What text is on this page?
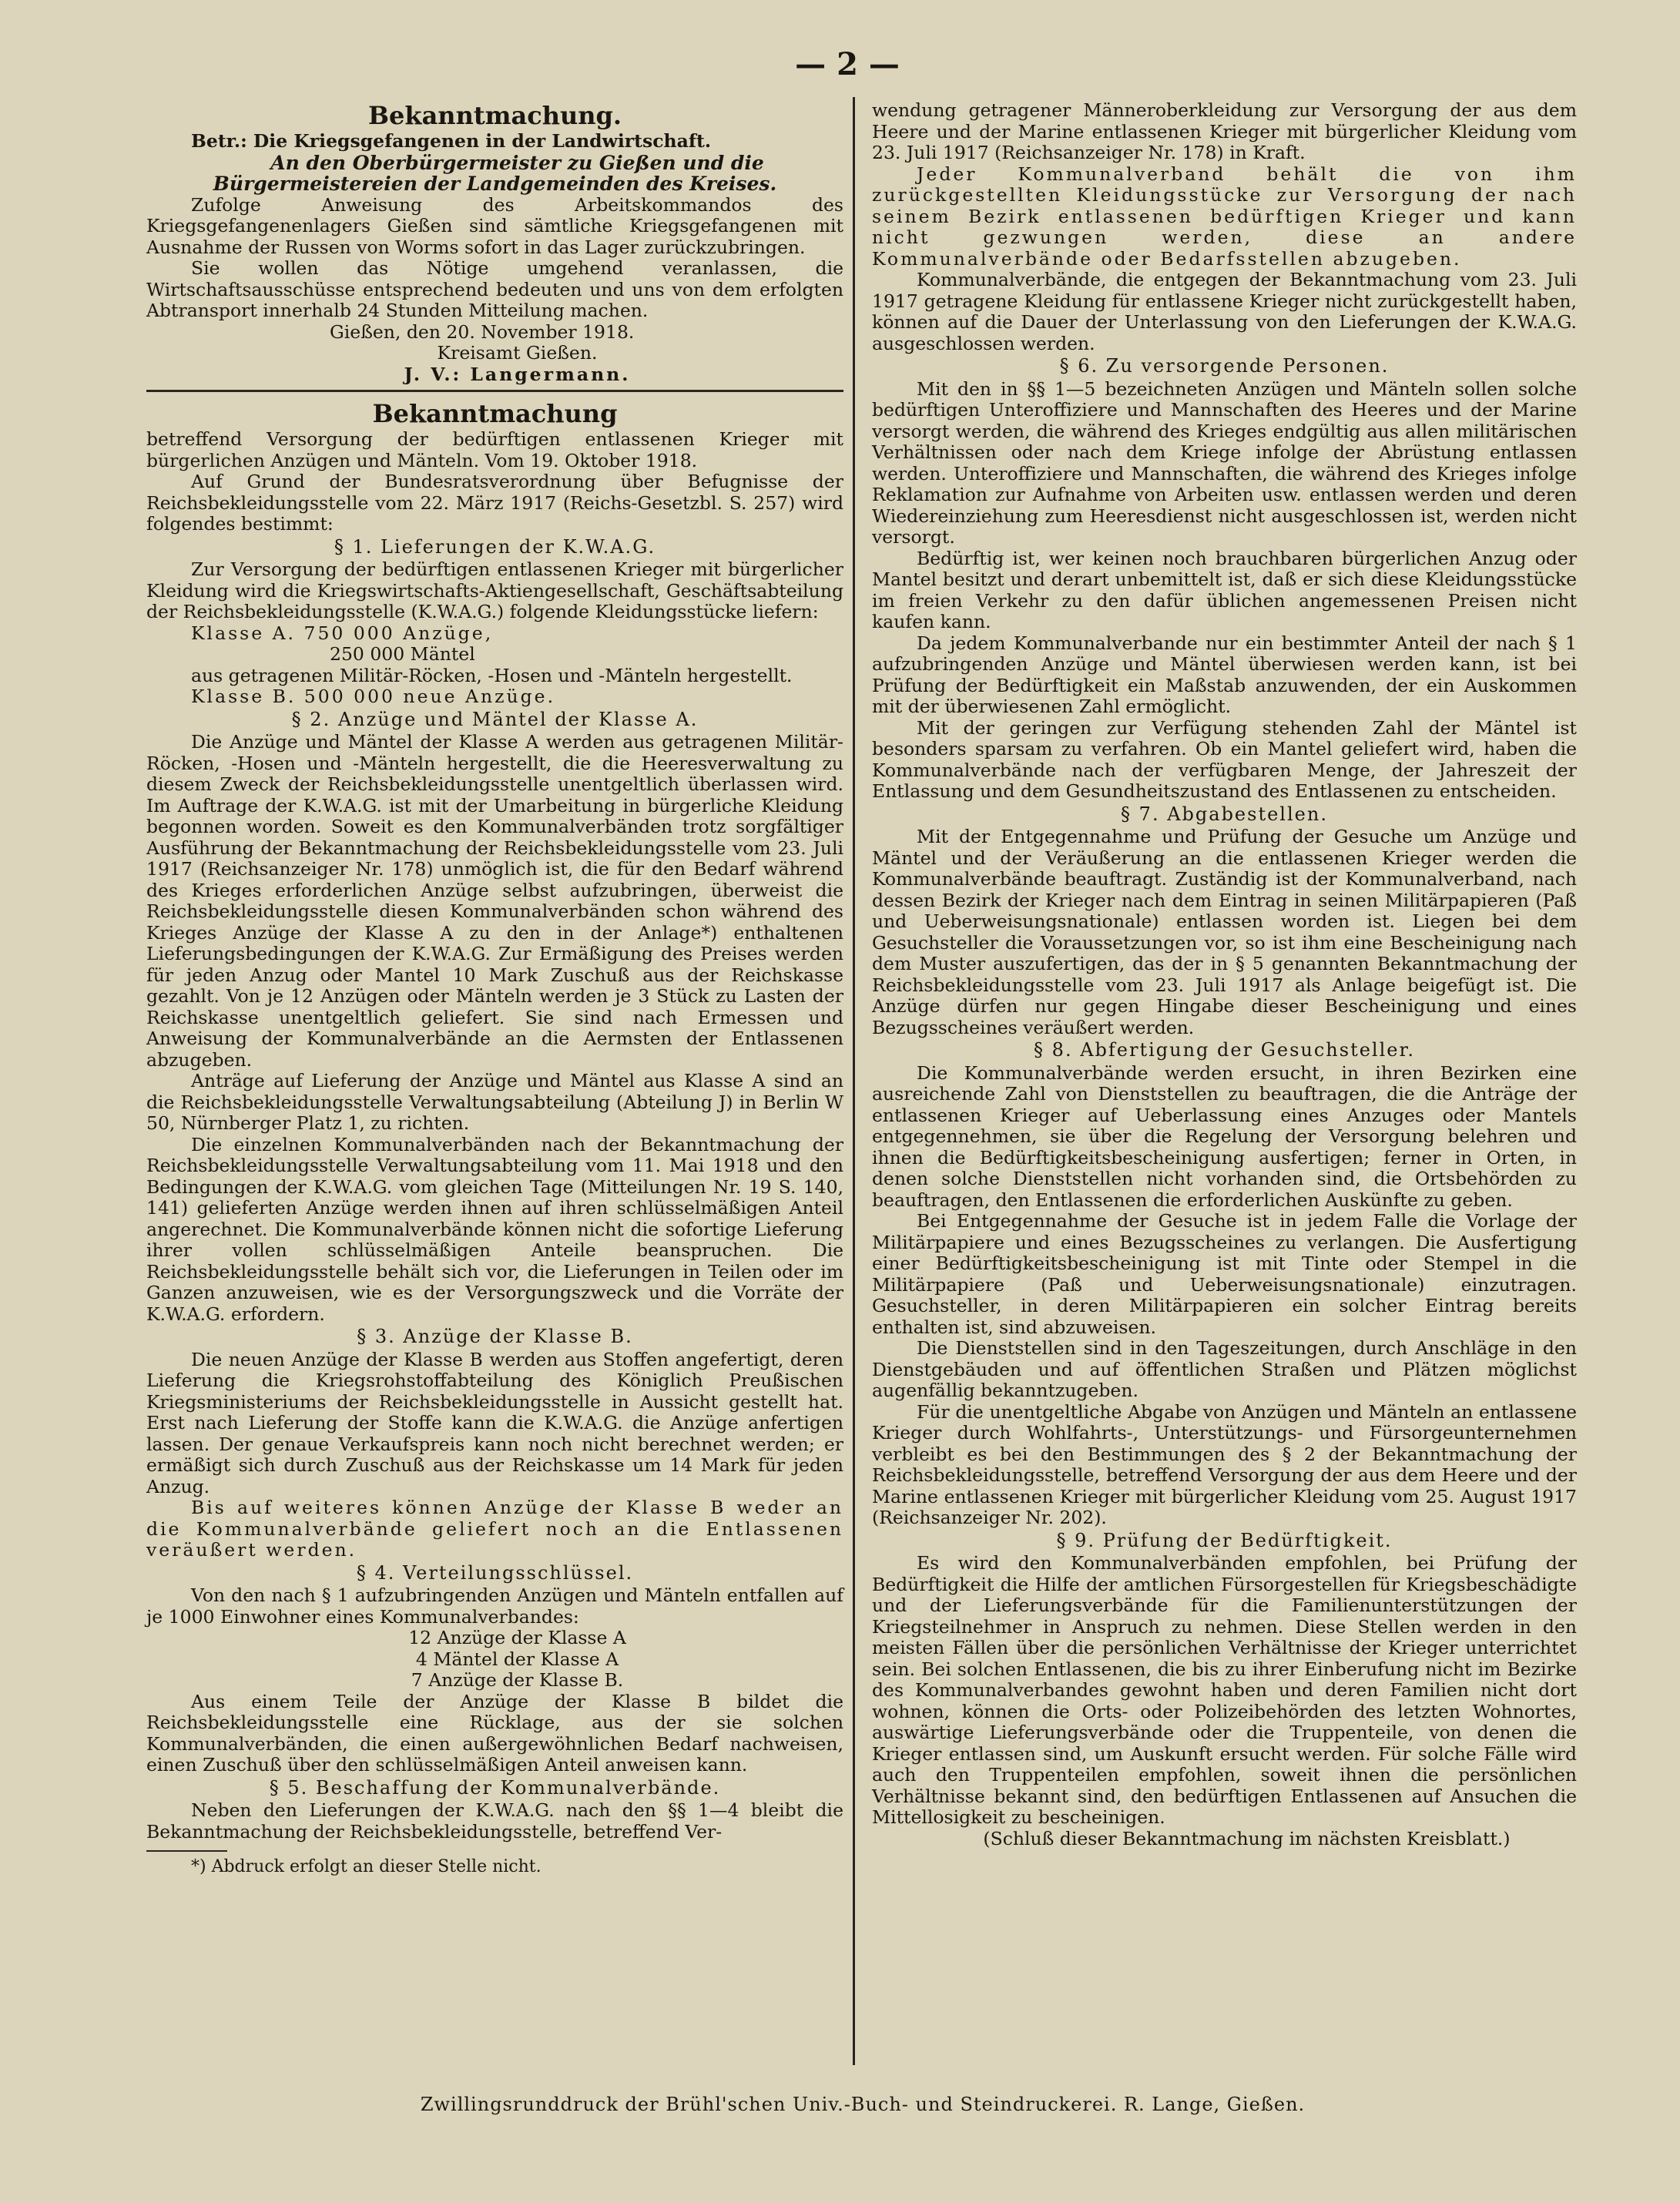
— 2 —
Bekanntmachung.

Betr.: Die Kriegsgefangenen in der Landwirtschaft.

An den Oberbürgermeister zu Gießen und die Bürgermeistereien der Landgemeinden des Kreises.

Zufolge Anweisung des Arbeitskommandos des Kriegsgefangenenlagers Gießen sind sämtliche Kriegsgefangenen mit Ausnahme der Russen von Worms sofort in das Lager zurückzubringen.

Sie wollen das Nötige umgehend veranlassen, die Wirtschaftsausschüsse entsprechend bedeuten und uns von dem erfolgten Abtransport innerhalb 24 Stunden Mitteilung machen.

Gießen, den 20. November 1918.

Kreisamt Gießen.

J. V.: Langermann.

Bekanntmachung

betreffend Versorgung der bedürftigen entlassenen Krieger mit bürgerlichen Anzügen und Mänteln. Vom 19. Oktober 1918.

Auf Grund der Bundesratsverordnung über Befugnisse der Reichsbekleidungsstelle vom 22. März 1917 (Reichs-Gesetzbl. S. 257) wird folgendes bestimmt:

§ 1. Lieferungen der K.W.A.G.

Zur Versorgung der bedürftigen entlassenen Krieger mit bürgerlicher Kleidung wird die Kriegswirtschafts-Aktiengesellschaft, Geschäftsabteilung der Reichsbekleidungsstelle (K.W.A.G.) folgende Kleidungsstücke liefern:

Klasse A. 750 000 Anzüge,

250 000 Mäntel

aus getragenen Militär-Röcken, -Hosen und -Mänteln hergestellt.

Klasse B. 500 000 neue Anzüge.

§ 2. Anzüge und Mäntel der Klasse A.

Die Anzüge und Mäntel der Klasse A werden aus getragenen Militär-Röcken, -Hosen und -Mänteln hergestellt, die die Heeresverwaltung zu diesem Zweck der Reichsbekleidungsstelle unentgeltlich überlassen wird. Im Auftrage der K.W.A.G. ist mit der Umarbeitung in bürgerliche Kleidung begonnen worden. Soweit es den Kommunalverbänden trotz sorgfältiger Ausführung der Bekanntmachung der Reichsbekleidungsstelle vom 23. Juli 1917 (Reichsanzeiger Nr. 178) unmöglich ist, die für den Bedarf während des Krieges erforderlichen Anzüge selbst aufzubringen, überweist die Reichsbekleidungsstelle diesen Kommunalverbänden schon während des Krieges Anzüge der Klasse A zu den in der Anlage*) enthaltenen Lieferungsbedingungen der K.W.A.G. Zur Ermäßigung des Preises werden für jeden Anzug oder Mantel 10 Mark Zuschuß aus der Reichskasse gezahlt. Von je 12 Anzügen oder Mänteln werden je 3 Stück zu Lasten der Reichskasse unentgeltlich geliefert. Sie sind nach Ermessen und Anweisung der Kommunalverbände an die Aermsten der Entlassenen abzugeben.

Anträge auf Lieferung der Anzüge und Mäntel aus Klasse A sind an die Reichsbekleidungsstelle Verwaltungsabteilung (Abteilung J) in Berlin W 50, Nürnberger Platz 1, zu richten.

Die einzelnen Kommunalverbänden nach der Bekanntmachung der Reichsbekleidungsstelle Verwaltungsabteilung vom 11. Mai 1918 und den Bedingungen der K.W.A.G. vom gleichen Tage (Mitteilungen Nr. 19 S. 140, 141) gelieferten Anzüge werden ihnen auf ihren schlüsselmäßigen Anteil angerechnet. Die Kommunalverbände können nicht die sofortige Lieferung ihrer vollen schlüsselmäßigen Anteile beanspruchen. Die Reichsbekleidungsstelle behält sich vor, die Lieferungen in Teilen oder im Ganzen anzuweisen, wie es der Versorgungszweck und die Vorräte der K.W.A.G. erfordern.

§ 3. Anzüge der Klasse B.

Die neuen Anzüge der Klasse B werden aus Stoffen angefertigt, deren Lieferung die Kriegsrohstoffabteilung des Königlich Preußischen Kriegsministeriums der Reichsbekleidungsstelle in Aussicht gestellt hat. Erst nach Lieferung der Stoffe kann die K.W.A.G. die Anzüge anfertigen lassen. Der genaue Verkaufspreis kann noch nicht berechnet werden; er ermäßigt sich durch Zuschuß aus der Reichskasse um 14 Mark für jeden Anzug.

Bis auf weiteres können Anzüge der Klasse B weder an die Kommunalverbände geliefert noch an die Entlassenen veräußert werden.

§ 4. Verteilungsschlüssel.

Von den nach § 1 aufzubringenden Anzügen und Mänteln entfallen auf je 1000 Einwohner eines Kommunalverbandes:

12 Anzüge der Klasse A

4 Mäntel der Klasse A

7 Anzüge der Klasse B.

Aus einem Teile der Anzüge der Klasse B bildet die Reichsbekleidungsstelle eine Rücklage, aus der sie solchen Kommunalverbänden, die einen außergewöhnlichen Bedarf nachweisen, einen Zuschuß über den schlüsselmäßigen Anteil anweisen kann.

§ 5. Beschaffung der Kommunalverbände.

Neben den Lieferungen der K.W.A.G. nach den §§ 1—4 bleibt die Bekanntmachung der Reichsbekleidungsstelle, betreffend Ver-

*) Abdruck erfolgt an dieser Stelle nicht.

wendung getragener Männeroberkleidung zur Versorgung der aus dem Heere und der Marine entlassenen Krieger mit bürgerlicher Kleidung vom 23. Juli 1917 (Reichsanzeiger Nr. 178) in Kraft.

Jeder Kommunalverband behält die von ihm zurückgestellten Kleidungsstücke zur Versorgung der nach seinem Bezirk entlassenen bedürftigen Krieger und kann nicht gezwungen werden, diese an andere Kommunalverbände oder Bedarfsstellen abzugeben.

Kommunalverbände, die entgegen der Bekanntmachung vom 23. Juli 1917 getragene Kleidung für entlassene Krieger nicht zurückgestellt haben, können auf die Dauer der Unterlassung von den Lieferungen der K.W.A.G. ausgeschlossen werden.

§ 6. Zu versorgende Personen.

Mit den in §§ 1—5 bezeichneten Anzügen und Mänteln sollen solche bedürftigen Unteroffiziere und Mannschaften des Heeres und der Marine versorgt werden, die während des Krieges endgültig aus allen militärischen Verhältnissen oder nach dem Kriege infolge der Abrüstung entlassen werden. Unteroffiziere und Mannschaften, die während des Krieges infolge Reklamation zur Aufnahme von Arbeiten usw. entlassen werden und deren Wiedereinziehung zum Heeresdienst nicht ausgeschlossen ist, werden nicht versorgt.

Bedürftig ist, wer keinen noch brauchbaren bürgerlichen Anzug oder Mantel besitzt und derart unbemittelt ist, daß er sich diese Kleidungsstücke im freien Verkehr zu den dafür üblichen angemessenen Preisen nicht kaufen kann.

Da jedem Kommunalverbande nur ein bestimmter Anteil der nach § 1 aufzubringenden Anzüge und Mäntel überwiesen werden kann, ist bei Prüfung der Bedürftigkeit ein Maßstab anzuwenden, der ein Auskommen mit der überwiesenen Zahl ermöglicht.

Mit der geringen zur Verfügung stehenden Zahl der Mäntel ist besonders sparsam zu verfahren. Ob ein Mantel geliefert wird, haben die Kommunalverbände nach der verfügbaren Menge, der Jahreszeit der Entlassung und dem Gesundheitszustand des Entlassenen zu entscheiden.

§ 7. Abgabestellen.

Mit der Entgegennahme und Prüfung der Gesuche um Anzüge und Mäntel und der Veräußerung an die entlassenen Krieger werden die Kommunalverbände beauftragt. Zuständig ist der Kommunalverband, nach dessen Bezirk der Krieger nach dem Eintrag in seinen Militärpapieren (Paß und Ueberweisungsnationale) entlassen worden ist. Liegen bei dem Gesuchsteller die Voraussetzungen vor, so ist ihm eine Bescheinigung nach dem Muster auszufertigen, das der in § 5 genannten Bekanntmachung der Reichsbekleidungsstelle vom 23. Juli 1917 als Anlage beigefügt ist. Die Anzüge dürfen nur gegen Hingabe dieser Bescheinigung und eines Bezugsscheines veräußert werden.

§ 8. Abfertigung der Gesuchsteller.

Die Kommunalverbände werden ersucht, in ihren Bezirken eine ausreichende Zahl von Dienststellen zu beauftragen, die die Anträge der entlassenen Krieger auf Ueberlassung eines Anzuges oder Mantels entgegennehmen, sie über die Regelung der Versorgung belehren und ihnen die Bedürftigkeitsbescheinigung ausfertigen; ferner in Orten, in denen solche Dienststellen nicht vorhanden sind, die Ortsbehörden zu beauftragen, den Entlassenen die erforderlichen Auskünfte zu geben.

Bei Entgegennahme der Gesuche ist in jedem Falle die Vorlage der Militärpapiere und eines Bezugsscheines zu verlangen. Die Ausfertigung einer Bedürftigkeitsbescheinigung ist mit Tinte oder Stempel in die Militärpapiere (Paß und Ueberweisungsnationale) einzutragen. Gesuchsteller, in deren Militärpapieren ein solcher Eintrag bereits enthalten ist, sind abzuweisen.

Die Dienststellen sind in den Tageszeitungen, durch Anschläge in den Dienstgebäuden und auf öffentlichen Straßen und Plätzen möglichst augenfällig bekanntzugeben.

Für die unentgeltliche Abgabe von Anzügen und Mänteln an entlassene Krieger durch Wohlfahrts-, Unterstützungs- und Fürsorgeunternehmen verbleibt es bei den Bestimmungen des § 2 der Bekanntmachung der Reichsbekleidungsstelle, betreffend Versorgung der aus dem Heere und der Marine entlassenen Krieger mit bürgerlicher Kleidung vom 25. August 1917 (Reichsanzeiger Nr. 202).

§ 9. Prüfung der Bedürftigkeit.

Es wird den Kommunalverbänden empfohlen, bei Prüfung der Bedürftigkeit die Hilfe der amtlichen Fürsorgestellen für Kriegsbeschädigte und der Lieferungsverbände für die Familienunterstützungen der Kriegsteilnehmer in Anspruch zu nehmen. Diese Stellen werden in den meisten Fällen über die persönlichen Verhältnisse der Krieger unterrichtet sein. Bei solchen Entlassenen, die bis zu ihrer Einberufung nicht im Bezirke des Kommunalverbandes gewohnt haben und deren Familien nicht dort wohnen, können die Orts- oder Polizeibehörden des letzten Wohnortes, auswärtige Lieferungsverbände oder die Truppenteile, von denen die Krieger entlassen sind, um Auskunft ersucht werden. Für solche Fälle wird auch den Truppenteilen empfohlen, soweit ihnen die persönlichen Verhältnisse bekannt sind, den bedürftigen Entlassenen auf Ansuchen die Mittellosigkeit zu bescheinigen.

(Schluß dieser Bekanntmachung im nächsten Kreisblatt.)

Zwillingsrunddruck der Brühl'schen Univ.-Buch- und Steindruckerei. R. Lange, Gießen.
